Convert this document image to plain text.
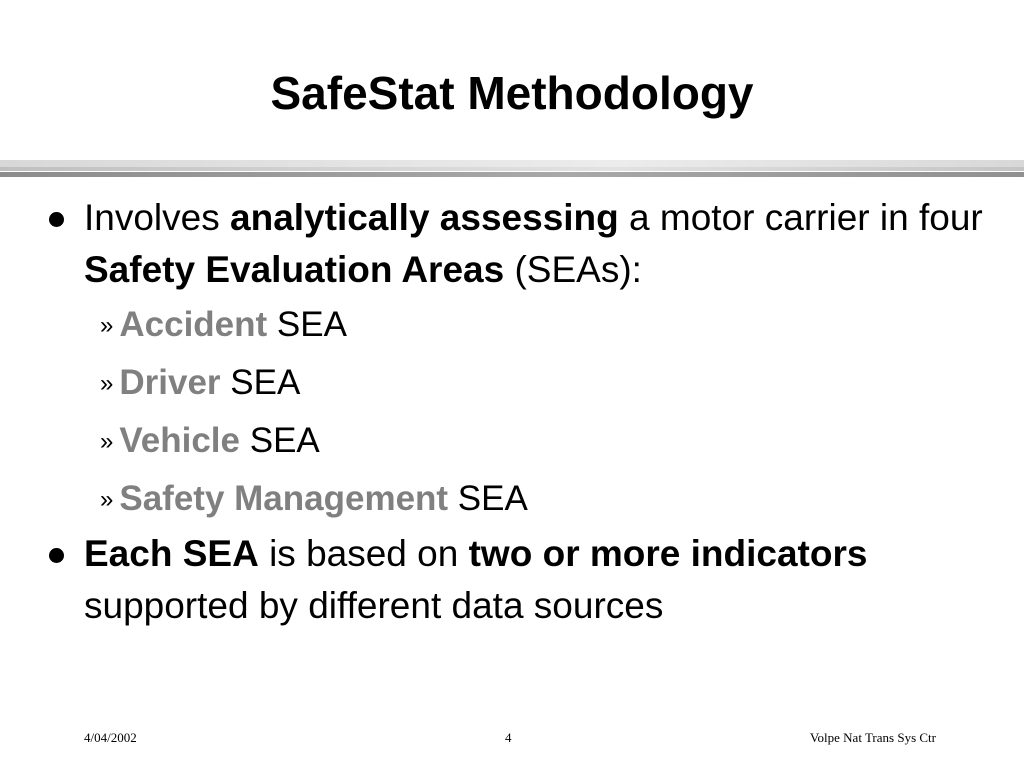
SafeStat Methodology
Involves analytically assessing a motor carrier in four Safety Evaluation Areas (SEAs):
» Accident SEA
» Driver SEA
» Vehicle SEA
» Safety Management SEA
Each SEA is based on two or more indicators supported by different data sources
4/04/2002	4	Volpe Nat Trans Sys Ctr
